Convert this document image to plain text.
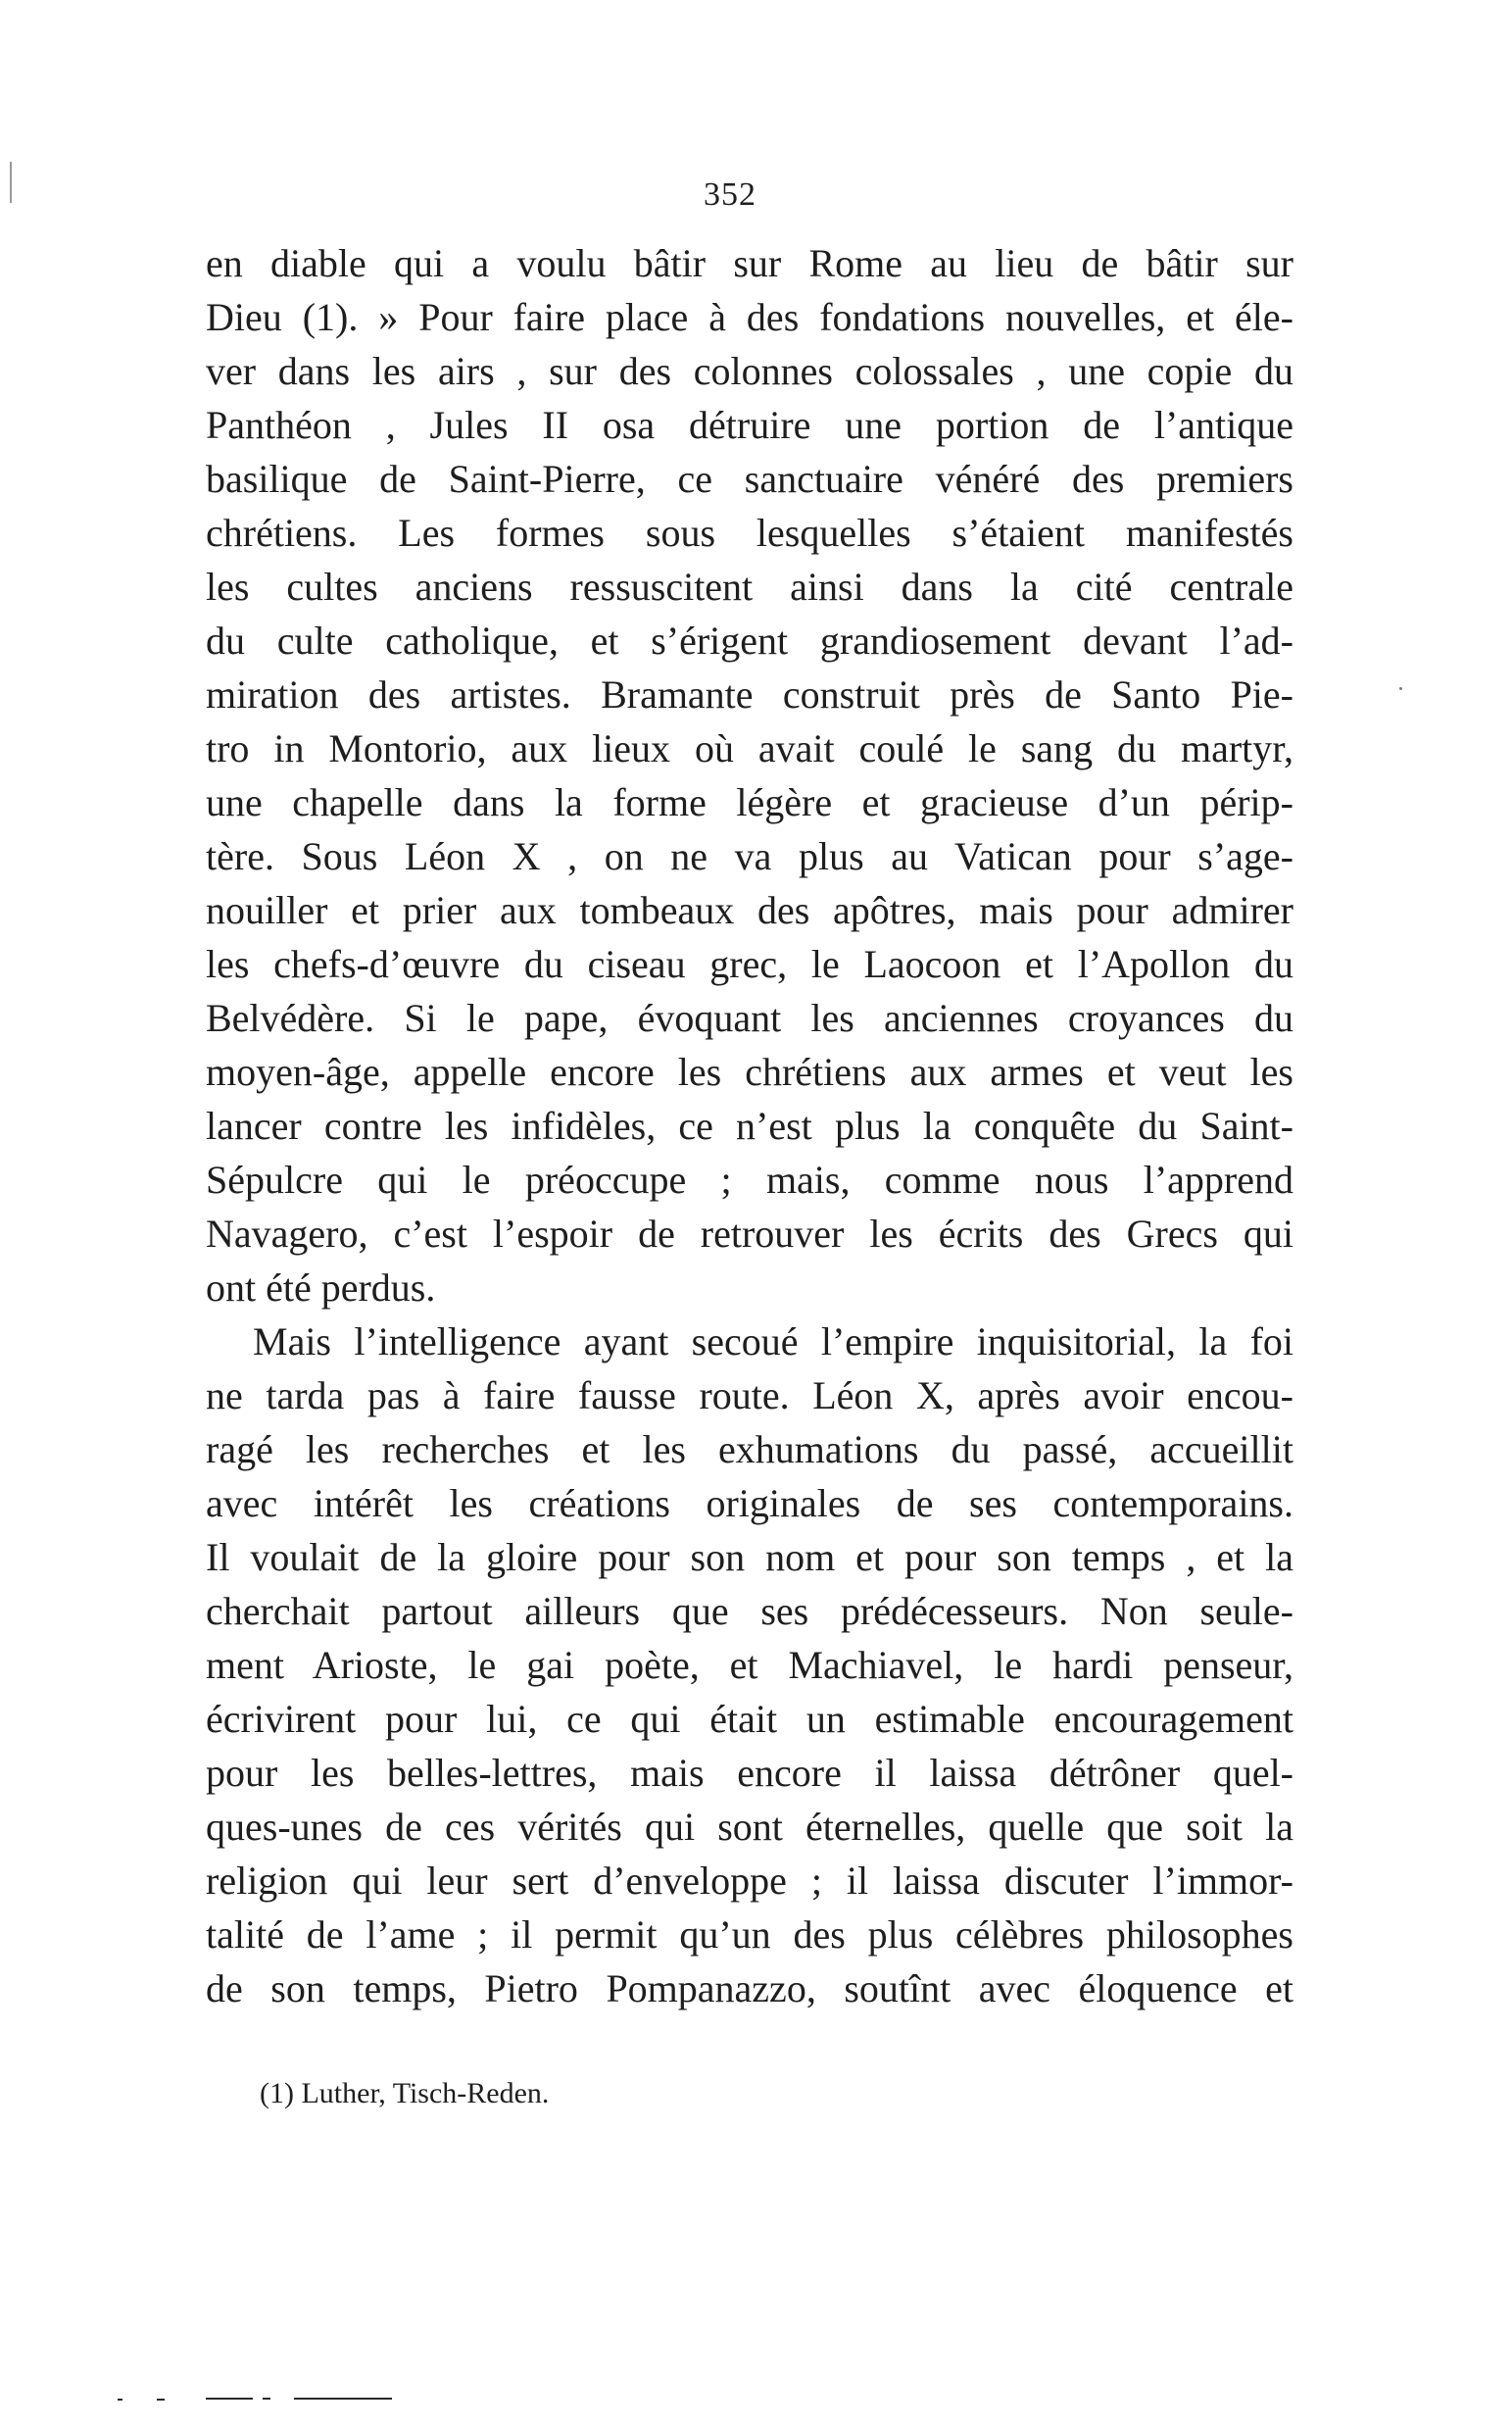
352
en diable qui a voulu bâtir sur Rome au lieu de bâtir sur
Dieu (1). » Pour faire place à des fondations nouvelles, et éle-
ver dans les airs , sur des colonnes colossales , une copie du
Panthéon , Jules II osa détruire une portion de l’antique
basilique de Saint-Pierre, ce sanctuaire vénéré des premiers
chrétiens. Les formes sous lesquelles s’étaient manifestés
les cultes anciens ressuscitent ainsi dans la cité centrale
du culte catholique, et s’érigent grandiosement devant l’ad-
miration des artistes. Bramante construit près de Santo Pie-
tro in Montorio, aux lieux où avait coulé le sang du martyr,
une chapelle dans la forme légère et gracieuse d’un périp-
tère. Sous Léon X , on ne va plus au Vatican pour s’age-
nouiller et prier aux tombeaux des apôtres, mais pour admirer
les chefs-d’œuvre du ciseau grec, le Laocoon et l’Apollon du
Belvédère. Si le pape, évoquant les anciennes croyances du
moyen-âge, appelle encore les chrétiens aux armes et veut les
lancer contre les infidèles, ce n’est plus la conquête du Saint-
Sépulcre qui le préoccupe ; mais, comme nous l’apprend
Navagero, c’est l’espoir de retrouver les écrits des Grecs qui
ont été perdus.
Mais l’intelligence ayant secoué l’empire inquisitorial, la foi
ne tarda pas à faire fausse route. Léon X, après avoir encou-
ragé les recherches et les exhumations du passé, accueillit
avec intérêt les créations originales de ses contemporains.
Il voulait de la gloire pour son nom et pour son temps , et la
cherchait partout ailleurs que ses prédécesseurs. Non seule-
ment Arioste, le gai poète, et Machiavel, le hardi penseur,
écrivirent pour lui, ce qui était un estimable encouragement
pour les belles-lettres, mais encore il laissa détrôner quel-
ques-unes de ces vérités qui sont éternelles, quelle que soit la
religion qui leur sert d’enveloppe ; il laissa discuter l’immor-
talité de l’ame ; il permit qu’un des plus célèbres philosophes
de son temps, Pietro Pompanazzo, soutînt avec éloquence et
(1) Luther, Tisch-Reden.
